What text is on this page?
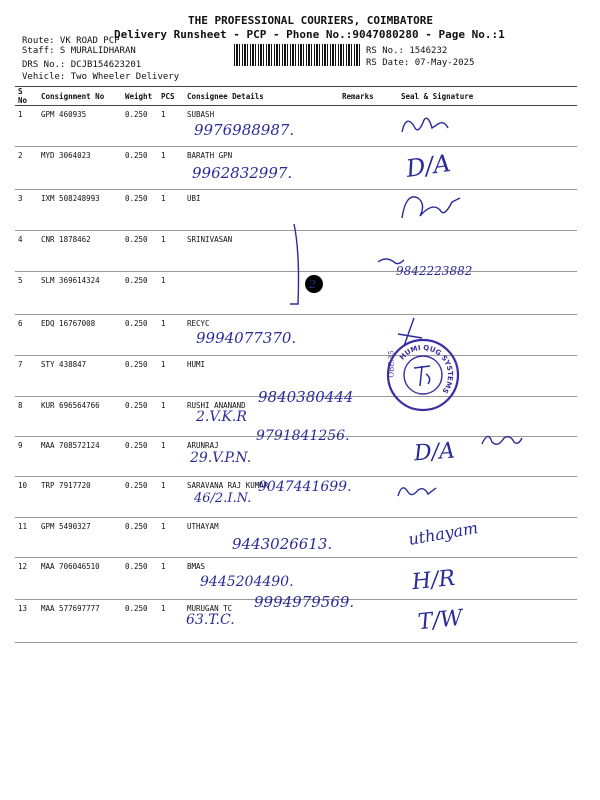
THE PROFESSIONAL COURIERS, COIMBATORE
Delivery Runsheet - PCP - Phone No.:9047080280 - Page No.:1
Route: VK ROAD PCP
Staff: S MURALIDHARAN
DRS No.: DCJB154623201
Vehicle: Two Wheeler Delivery
RS No.: 1546232
RS Date: 07-May-2025
S No	Consignment No	Weight	PCS	Consignee Details	Remarks	Seal & Signature
1	GPM 460935	0.250	1	SUBASH		
2	MYD 3064023	0.250	1	BARATH GPN		
3	IXM 508248993	0.250	1	UBI		
4	CNR 1878462	0.250	1	SRINIVASAN		
5	SLM 369614324	0.250	1			
6	EDQ 16767008	0.250	1	RECYC		
7	STY 438847	0.250	1	HUMI		
8	KUR 696564766	0.250	1	RUSHI ANANAND		
9	MAA 708572124	0.250	1	ARUNRAJ		
10	TRP 7917720	0.250	1	SARAVANA RAJ KUMAR		
11	GPM 5490327	0.250	1	UTHAYAM		
12	MAA 706046510	0.250	1	BMAS		
13	MAA 577697777	0.250	1	MURUGAN TC		
9976988987.
9962832997.
9842223882
9994077370.
9840380444
2.V.K.R
9791841256.
29.V.P.N.
9047441699.
46/2.I.N.
9443026613.
9445204490.
9994979569.
63.T.C.
2
D/A
D/A
uthayam
H/R
T/W
HUMI QUG SYSTEMS
OBE.35
